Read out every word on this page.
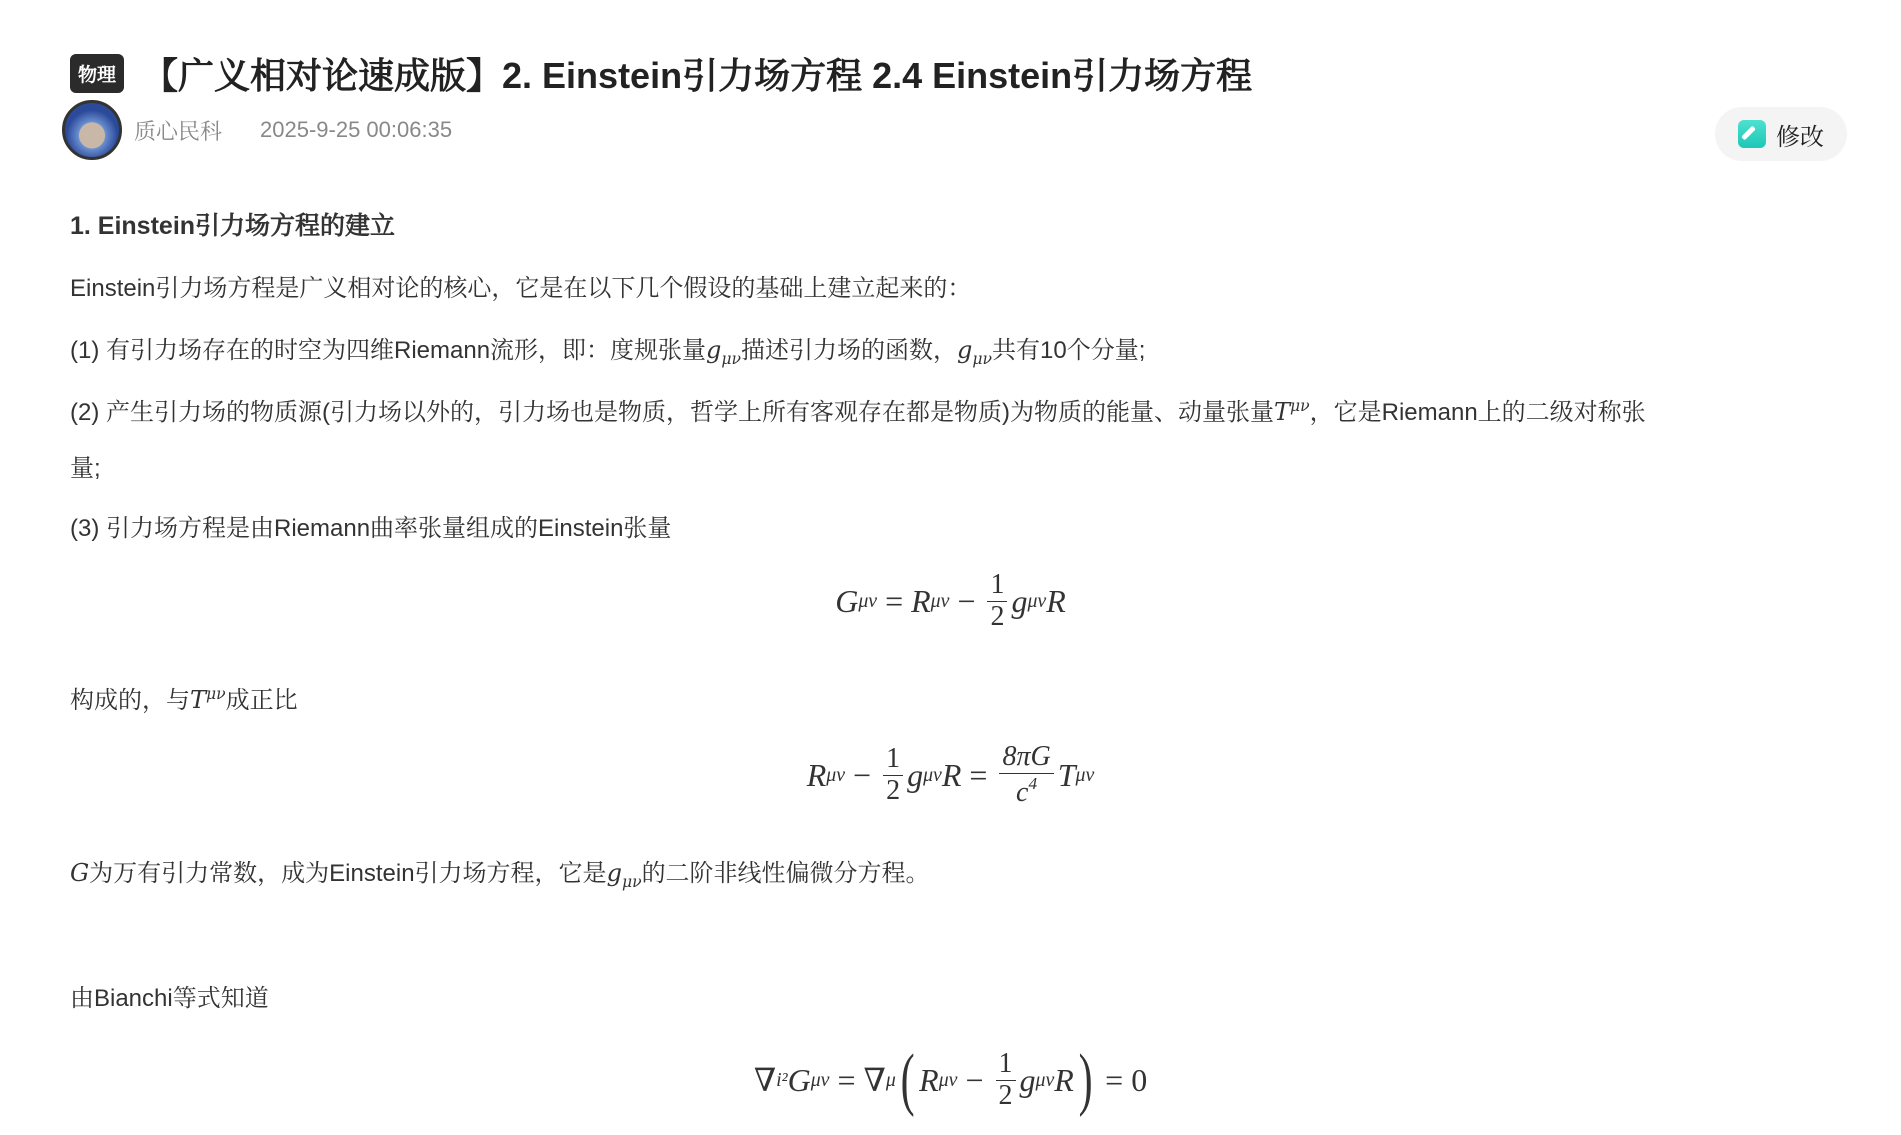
物理 【广义相对论速成版】2. Einstein引力场方程 2.4 Einstein引力场方程
质心民科 2025-9-25 00:06:35	修改
1. Einstein引力场方程的建立
Einstein引力场方程是广义相对论的核心，它是在以下几个假设的基础上建立起来的：
(1) 有引力场存在的时空为四维Riemann流形，即：度规张量$g_{\mu\nu}$描述引力场的函数，$g_{\mu\nu}$共有10个分量;
(2) 产生引力场的物质源(引力场以外的，引力场也是物质，哲学上所有客观存在都是物质)为物质的能量、动量张量$T^{\mu\nu}$，它是Riemann上的二级对称张
量;
(3) 引力场方程是由Riemann曲率张量组成的Einstein张量
G μν = R $\mu\nu - \frac{1}{2}$ g μν R
构成的，与$T^{\mu\nu}$成正比
R $\mu\nu - \frac{1}{2}$ g μν $R = \frac{8\pi G}{c^4}$ T μν
G为万有引力常数，成为Einstein引力场方程，它是$g_{\mu\nu}$的二阶非线性偏微分方程。
由Bianchi等式知道
∇ i² G μν = ∇ μ ( R $\mu\nu - \frac{1}{2}$ g μν R ) = 0
